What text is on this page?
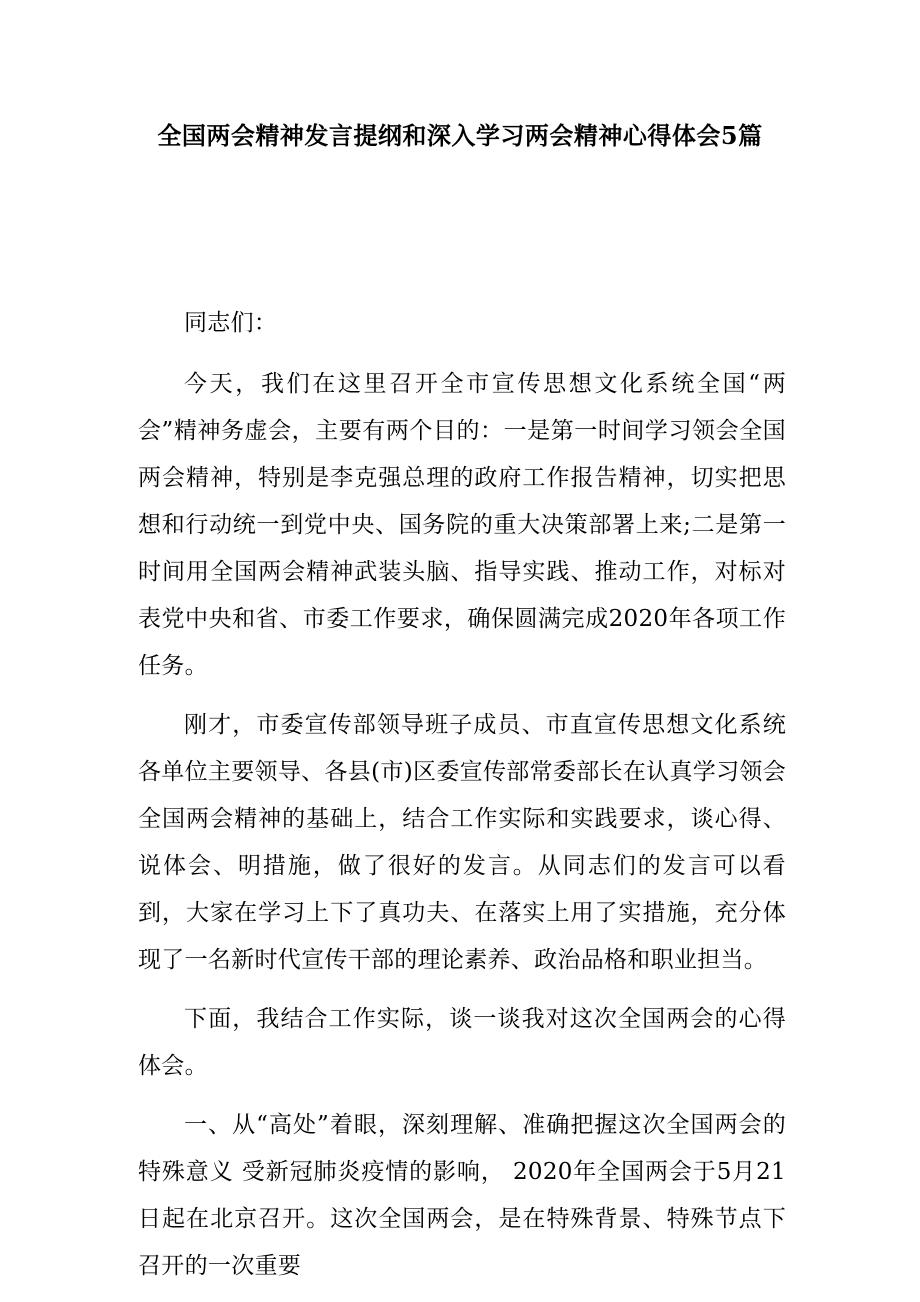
全国两会精神发言提纲和深入学习两会精神心得体会5篇

同志们：

今天，我们在这里召开全市宣传思想文化系统全国“两会”精神务虚会，主要有两个目的：一是第一时间学习领会全国两会精神，特别是李克强总理的政府工作报告精神，切实把思想和行动统一到党中央、国务院的重大决策部署上来;二是第一时间用全国两会精神武装头脑、指导实践、推动工作，对标对表党中央和省、市委工作要求，确保圆满完成2020年各项工作任务。

刚才，市委宣传部领导班子成员、市直宣传思想文化系统各单位主要领导、各县(市)区委宣传部常委部长在认真学习领会全国两会精神的基础上，结合工作实际和实践要求，谈心得、说体会、明措施，做了很好的发言。从同志们的发言可以看到，大家在学习上下了真功夫、在落实上用了实措施，充分体现了一名新时代宣传干部的理论素养、政治品格和职业担当。

下面，我结合工作实际，谈一谈我对这次全国两会的心得体会。

一、从“高处”着眼，深刻理解、准确把握这次全国两会的特殊意义 受新冠肺炎疫情的影响， 2020年全国两会于5月21日起在北京召开。这次全国两会，是在特殊背景、特殊节点下召开的一次重要
